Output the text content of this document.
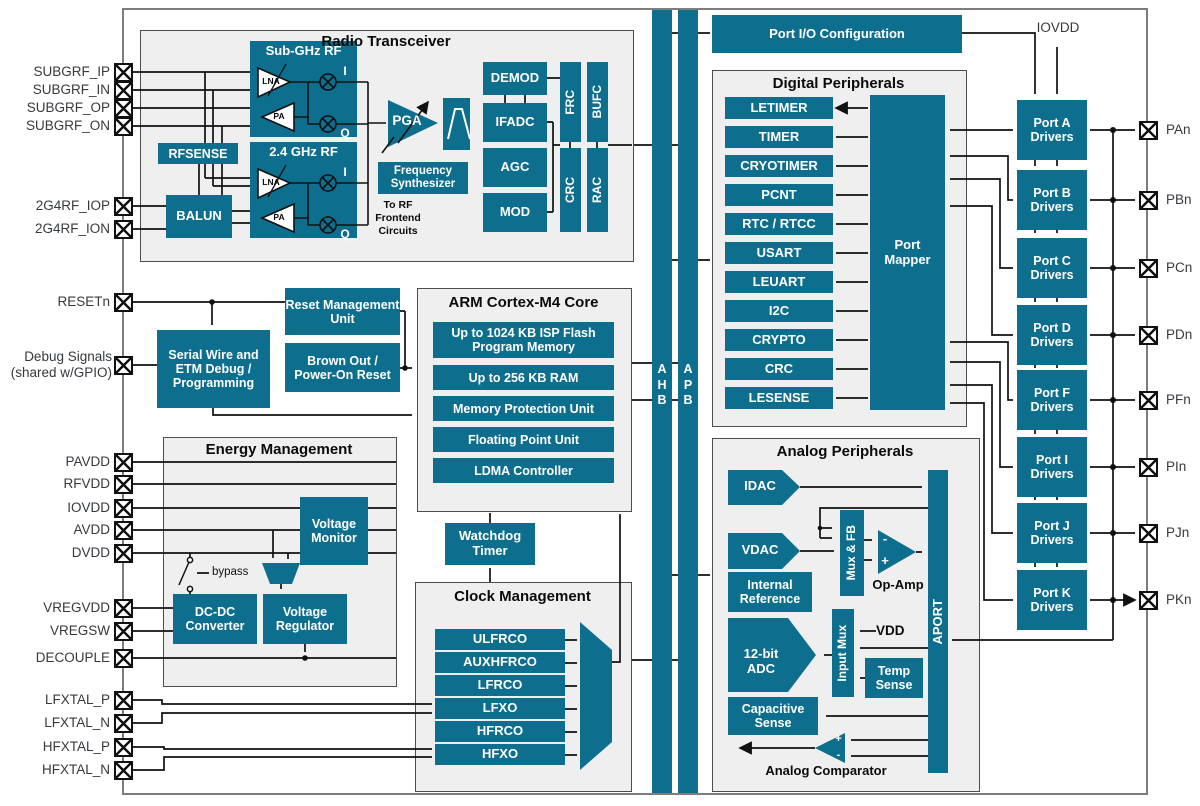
AHB
APB
Radio Transceiver
Sub-GHz RF
2.4 GHz RF
RFSENSE
BALUN
DEMOD
IFADC
AGC
MOD
FRC BUFC
CRC RAC
Frequency Synthesizer
To RF Frontend Circuits
PGA
LNA
PA
LNA
PA
I
Q
I
Q
Reset Management Unit
Brown Out / Power-On Reset
Serial Wire and ETM Debug / Programming
ARM Cortex-M4 Core
Up to 1024 KB ISP Flash Program Memory
Up to 256 KB RAM
Memory Protection Unit
Floating Point Unit
LDMA Controller
Watchdog Timer
Energy Management
Voltage Monitor
DC-DC Converter
Voltage Regulator
bypass
Clock Management
ULFRCO
AUXHFRCO
LFRCO
LFXO
HFRCO
HFXO
Port I/O Configuration	IOVDD
Digital Peripherals
LETIMER
TIMER
CRYOTIMER
PCNT
RTC / RTCC
USART
LEUART
I2C
CRYPTO
CRC
LESENSE
Port Mapper
Port A Drivers
Port B Drivers
Port C Drivers
Port D Drivers
Port F Drivers
Port I Drivers
Port J Drivers
Port K Drivers
Analog Peripherals
IDAC
VDAC	Mux & FB -
+
Op-Amp
Internal Reference
12-bit ADC	Input Mux VDD
Temp Sense
Capacitive Sense
+
-
Analog Comparator
APORT
SUBGRF_IP
SUBGRF_IN
SUBGRF_OP
SUBGRF_ON
2G4RF_IOP
2G4RF_ION
RESETn
Debug Signals (shared w/GPIO)
PAVDD
RFVDD
IOVDD
AVDD
DVDD
VREGVDD
VREGSW
DECOUPLE
LFXTAL_P
LFXTAL_N
HFXTAL_P
HFXTAL_N
PAn
PBn
PCn
PDn
PFn
PIn
PJn
PKn
